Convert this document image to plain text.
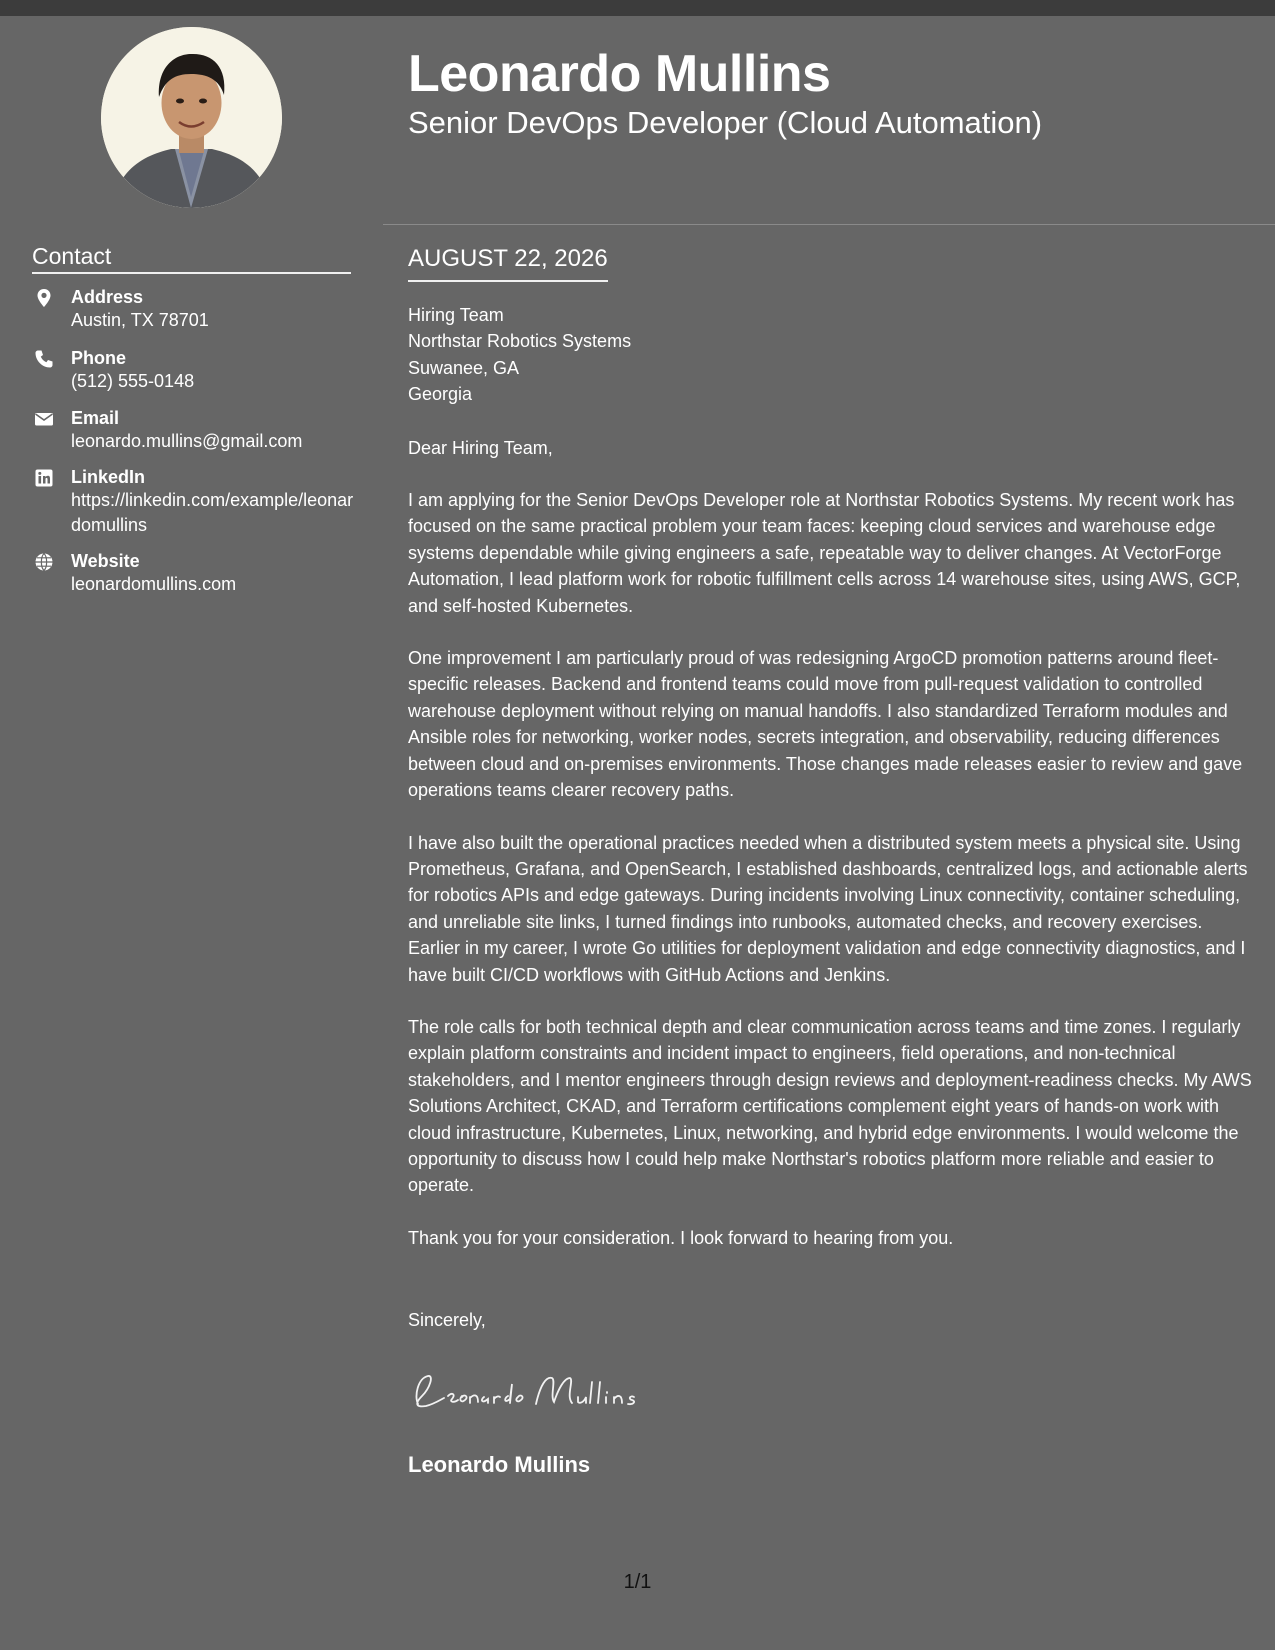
Contact
Address
Austin, TX 78701
Phone
(512) 555-0148
Email
leonardo.mullins@gmail.com
LinkedIn
https://linkedin.com/example/leonardomullins
Website
leonardomullins.com
Leonardo Mullins
Senior DevOps Developer (Cloud Automation)
AUGUST 22, 2026
Hiring Team
Northstar Robotics Systems
Suwanee, GA
Georgia

Dear Hiring Team,

I am applying for the Senior DevOps Developer role at Northstar Robotics Systems. My recent work has focused on the same practical problem your team faces: keeping cloud services and warehouse edge systems dependable while giving engineers a safe, repeatable way to deliver changes. At VectorForge Automation, I lead platform work for robotic fulfillment cells across 14 warehouse sites, using AWS, GCP, and self-hosted Kubernetes.

One improvement I am particularly proud of was redesigning ArgoCD promotion patterns around fleet-specific releases. Backend and frontend teams could move from pull-request validation to controlled warehouse deployment without relying on manual handoffs. I also standardized Terraform modules and Ansible roles for networking, worker nodes, secrets integration, and observability, reducing differences between cloud and on-premises environments. Those changes made releases easier to review and gave operations teams clearer recovery paths.

I have also built the operational practices needed when a distributed system meets a physical site. Using Prometheus, Grafana, and OpenSearch, I established dashboards, centralized logs, and actionable alerts for robotics APIs and edge gateways. During incidents involving Linux connectivity, container scheduling, and unreliable site links, I turned findings into runbooks, automated checks, and recovery exercises. Earlier in my career, I wrote Go utilities for deployment validation and edge connectivity diagnostics, and I have built CI/CD workflows with GitHub Actions and Jenkins.

The role calls for both technical depth and clear communication across teams and time zones. I regularly explain platform constraints and incident impact to engineers, field operations, and non-technical stakeholders, and I mentor engineers through design reviews and deployment-readiness checks. My AWS Solutions Architect, CKAD, and Terraform certifications complement eight years of hands-on work with cloud infrastructure, Kubernetes, Linux, networking, and hybrid edge environments. I would welcome the opportunity to discuss how I could help make Northstar's robotics platform more reliable and easier to operate.

Thank you for your consideration. I look forward to hearing from you.

Sincerely,
Leonardo Mullins
1/1
